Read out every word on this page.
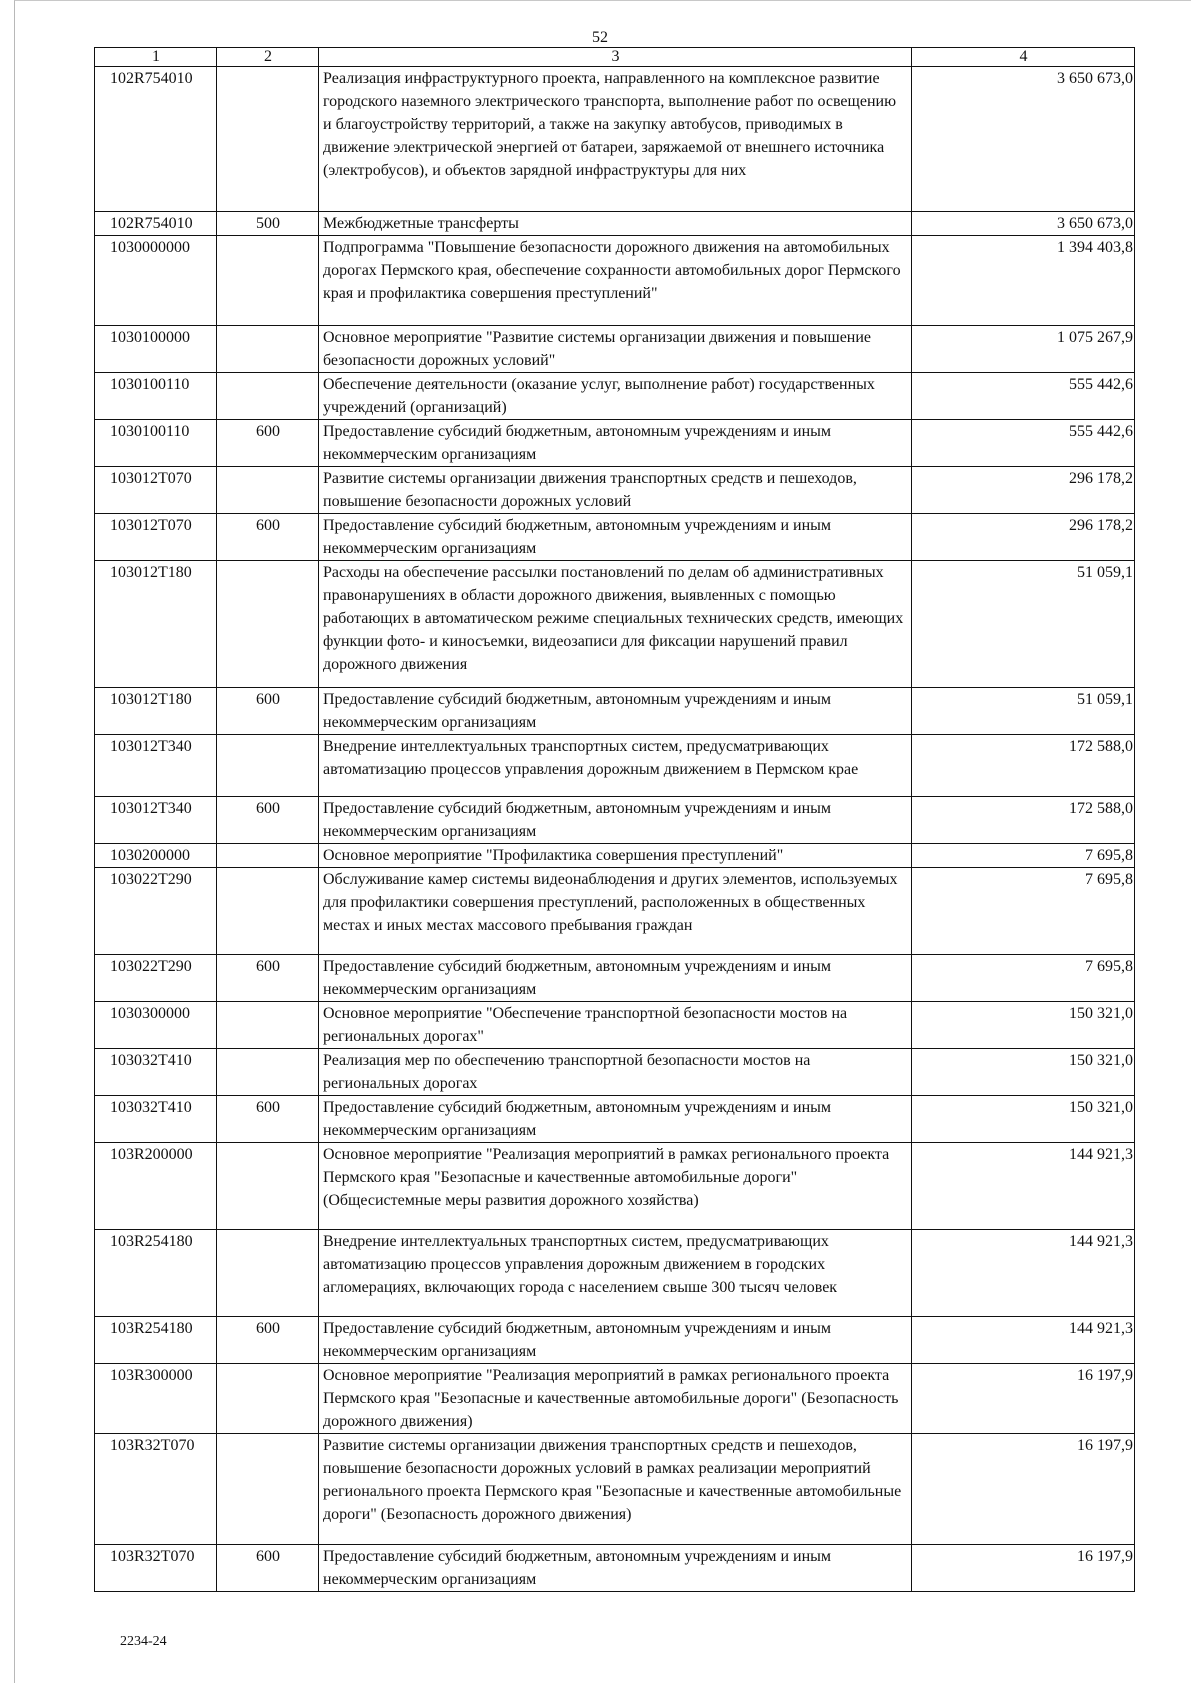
52
1	2	3	4
102R754010		Реализация инфраструктурного проекта, направленного на комплексное развитие городского наземного электрического транспорта, выполнение работ по освещению и благоустройству территорий, а также на закупку автобусов, приводимых в движение электрической энергией от батареи, заряжаемой от внешнего источника (электробусов), и объектов зарядной инфраструктуры для них	3 650 673,0
102R754010	500	Межбюджетные трансферты	3 650 673,0
1030000000		Подпрограмма "Повышение безопасности дорожного движения на автомобильных дорогах Пермского края, обеспечение сохранности автомобильных дорог Пермского края и профилактика совершения преступлений"	1 394 403,8
1030100000		Основное мероприятие "Развитие системы организации движения и повышение безопасности дорожных условий"	1 075 267,9
1030100110		Обеспечение деятельности (оказание услуг, выполнение работ) государственных учреждений (организаций)	555 442,6
1030100110	600	Предоставление субсидий бюджетным, автономным учреждениям и иным некоммерческим организациям	555 442,6
103012Т070		Развитие системы организации движения транспортных средств и пешеходов, повышение безопасности дорожных условий	296 178,2
103012Т070	600	Предоставление субсидий бюджетным, автономным учреждениям и иным некоммерческим организациям	296 178,2
103012Т180		Расходы на обеспечение рассылки постановлений по делам об административных правонарушениях в области дорожного движения, выявленных с помощью работающих в автоматическом режиме специальных технических средств, имеющих функции фото- и киносъемки, видеозаписи для фиксации нарушений правил дорожного движения	51 059,1
103012Т180	600	Предоставление субсидий бюджетным, автономным учреждениям и иным некоммерческим организациям	51 059,1
103012Т340		Внедрение интеллектуальных транспортных систем, предусматривающих автоматизацию процессов управления дорожным движением в Пермском крае	172 588,0
103012Т340	600	Предоставление субсидий бюджетным, автономным учреждениям и иным некоммерческим организациям	172 588,0
1030200000		Основное мероприятие "Профилактика совершения преступлений"	7 695,8
103022Т290		Обслуживание камер системы видеонаблюдения и других элементов, используемых для профилактики совершения преступлений, расположенных в общественных местах и иных местах массового пребывания граждан	7 695,8
103022Т290	600	Предоставление субсидий бюджетным, автономным учреждениям и иным некоммерческим организациям	7 695,8
1030300000		Основное мероприятие "Обеспечение транспортной безопасности мостов на региональных дорогах"	150 321,0
103032Т410		Реализация мер по обеспечению транспортной безопасности мостов на региональных дорогах	150 321,0
103032Т410	600	Предоставление субсидий бюджетным, автономным учреждениям и иным некоммерческим организациям	150 321,0
103R200000		Основное мероприятие "Реализация мероприятий в рамках регионального проекта Пермского края "Безопасные и качественные автомобильные дороги" (Общесистемные меры развития дорожного хозяйства)	144 921,3
103R254180		Внедрение интеллектуальных транспортных систем, предусматривающих автоматизацию процессов управления дорожным движением в городских агломерациях, включающих города с населением свыше 300 тысяч человек	144 921,3
103R254180	600	Предоставление субсидий бюджетным, автономным учреждениям и иным некоммерческим организациям	144 921,3
103R300000		Основное мероприятие "Реализация мероприятий в рамках регионального проекта Пермского края "Безопасные и качественные автомобильные дороги" (Безопасность дорожного движения)	16 197,9
103R32Т070		Развитие системы организации движения транспортных средств и пешеходов, повышение безопасности дорожных условий в рамках реализации мероприятий регионального проекта Пермского края "Безопасные и качественные автомобильные дороги" (Безопасность дорожного движения)	16 197,9
103R32Т070	600	Предоставление субсидий бюджетным, автономным учреждениям и иным некоммерческим организациям	16 197,9
2234-24
